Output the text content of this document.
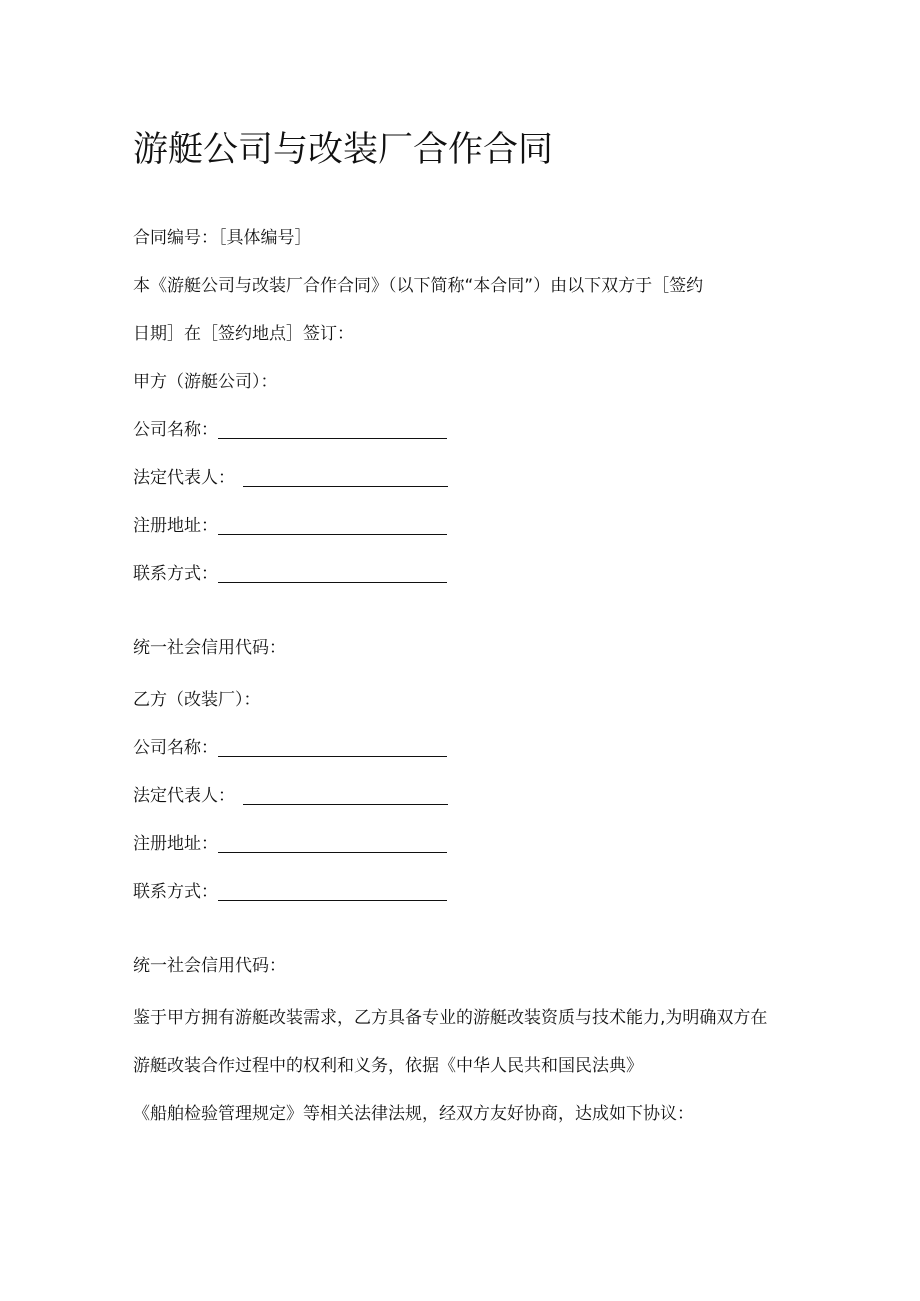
游艇公司与改装厂合作合同
合同编号：［具体编号］
本《游艇公司与改装厂合作合同》（以下简称“本合同”）由以下双方于［签约
日期］在［签约地点］签订：
甲方（游艇公司）：
公司名称：
法定代表人：
注册地址：
联系方式：
统一社会信用代码：
乙方（改装厂）：
公司名称：
法定代表人：
注册地址：
联系方式：
统一社会信用代码：
鉴于甲方拥有游艇改装需求，乙方具备专业的游艇改装资质与技术能力,为明确双方在
游艇改装合作过程中的权利和义务，依据《中华人民共和国民法典》
《船舶检验管理规定》等相关法律法规，经双方友好协商，达成如下协议：
